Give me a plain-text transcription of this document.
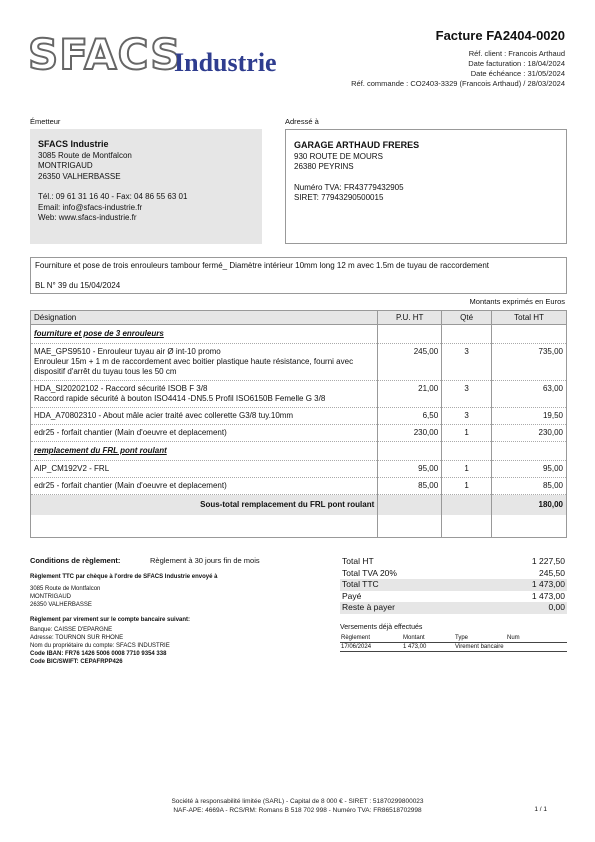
SFACS
Industrie
Facture FA2404-0020
Réf. client : Francois Arthaud
Date facturation : 18/04/2024
Date échéance : 31/05/2024
Réf. commande : CO2403-3329 (Francois Arthaud) / 28/03/2024
Émetteur	Adressé à
SFACS Industrie
3085 Route de Montfalcon
MONTRIGAUD
26350 VALHERBASSE
Tél.: 09 61 31 16 40 - Fax: 04 86 55 63 01
Email: info@sfacs-industrie.fr
Web: www.sfacs-industrie.fr
GARAGE ARTHAUD FRERES
930 ROUTE DE MOURS
26380 PEYRINS
Numéro TVA: FR43779432905
SIRET: 77943290500015
Fourniture et pose de trois enrouleurs tambour fermé_ Diamètre intérieur 10mm long 12 m avec 1.5m de tuyau de raccordement
BL N° 39 du 15/04/2024
Montants exprimés en Euros
Désignation	P.U. HT	Qté	Total HT
fourniture et pose de 3 enrouleurs			

MAE_GPS9510 - Enrouleur tuyau air Ø int-10 promo
Enrouleur 15m + 1 m de raccordement avec boitier plastique haute résistance, fourni avec dispositif d'arrêt du tuyau tous les 50 cm	245,00	3	735,00

HDA_SI20202102 - Raccord sécurité ISOB F 3/8
Raccord rapide sécurité à bouton ISO4414 -DN5.5 Profil ISO6150B Femelle G 3/8	21,00	3	63,00
HDA_A70802310 - About mâle acier traité avec collerette G3/8 tuy.10mm	6,50	3	19,50
edr25 - forfait chantier (Main d'oeuvre et deplacement)	230,00	1	230,00
remplacement du FRL pont roulant			
AIP_CM192V2 - FRL	95,00	1	95,00
edr25 - forfait chantier (Main d'oeuvre et deplacement)	85,00	1	85,00
Sous-total remplacement du FRL pont roulant			180,00

Conditions de règlement:	Règlement à 30 jours fin de mois
Règlement TTC par chèque à l'ordre de SFACS Industrie envoyé à
3085 Route de Montfalcon
MONTRIGAUD
26350 VALHERBASSE
Règlement par virement sur le compte bancaire suivant:
Banque: CAISSE D'EPARGNE
Adresse: TOURNON SUR RHONE
Nom du propriétaire du compte: SFACS INDUSTRIE
Code IBAN: FR76 1426 5006 0008 7710 9354 338
Code BIC/SWIFT: CEPAFRPP426
Total HT	1 227,50
Total TVA 20%	245,50
Total TTC	1 473,00
Payé	1 473,00
Reste à payer	0,00
Versements déjà effectués
Règlement	Montant	Type	Num
17/06/2024	1 473,00	Virement bancaire	
Société à responsabilité limitée (SARL) - Capital de 8 000 € - SIRET : 51870299800023
NAF-APE: 4669A - RCS/RM: Romans B 518 702 998 - Numéro TVA: FR86518702998	1 / 1
